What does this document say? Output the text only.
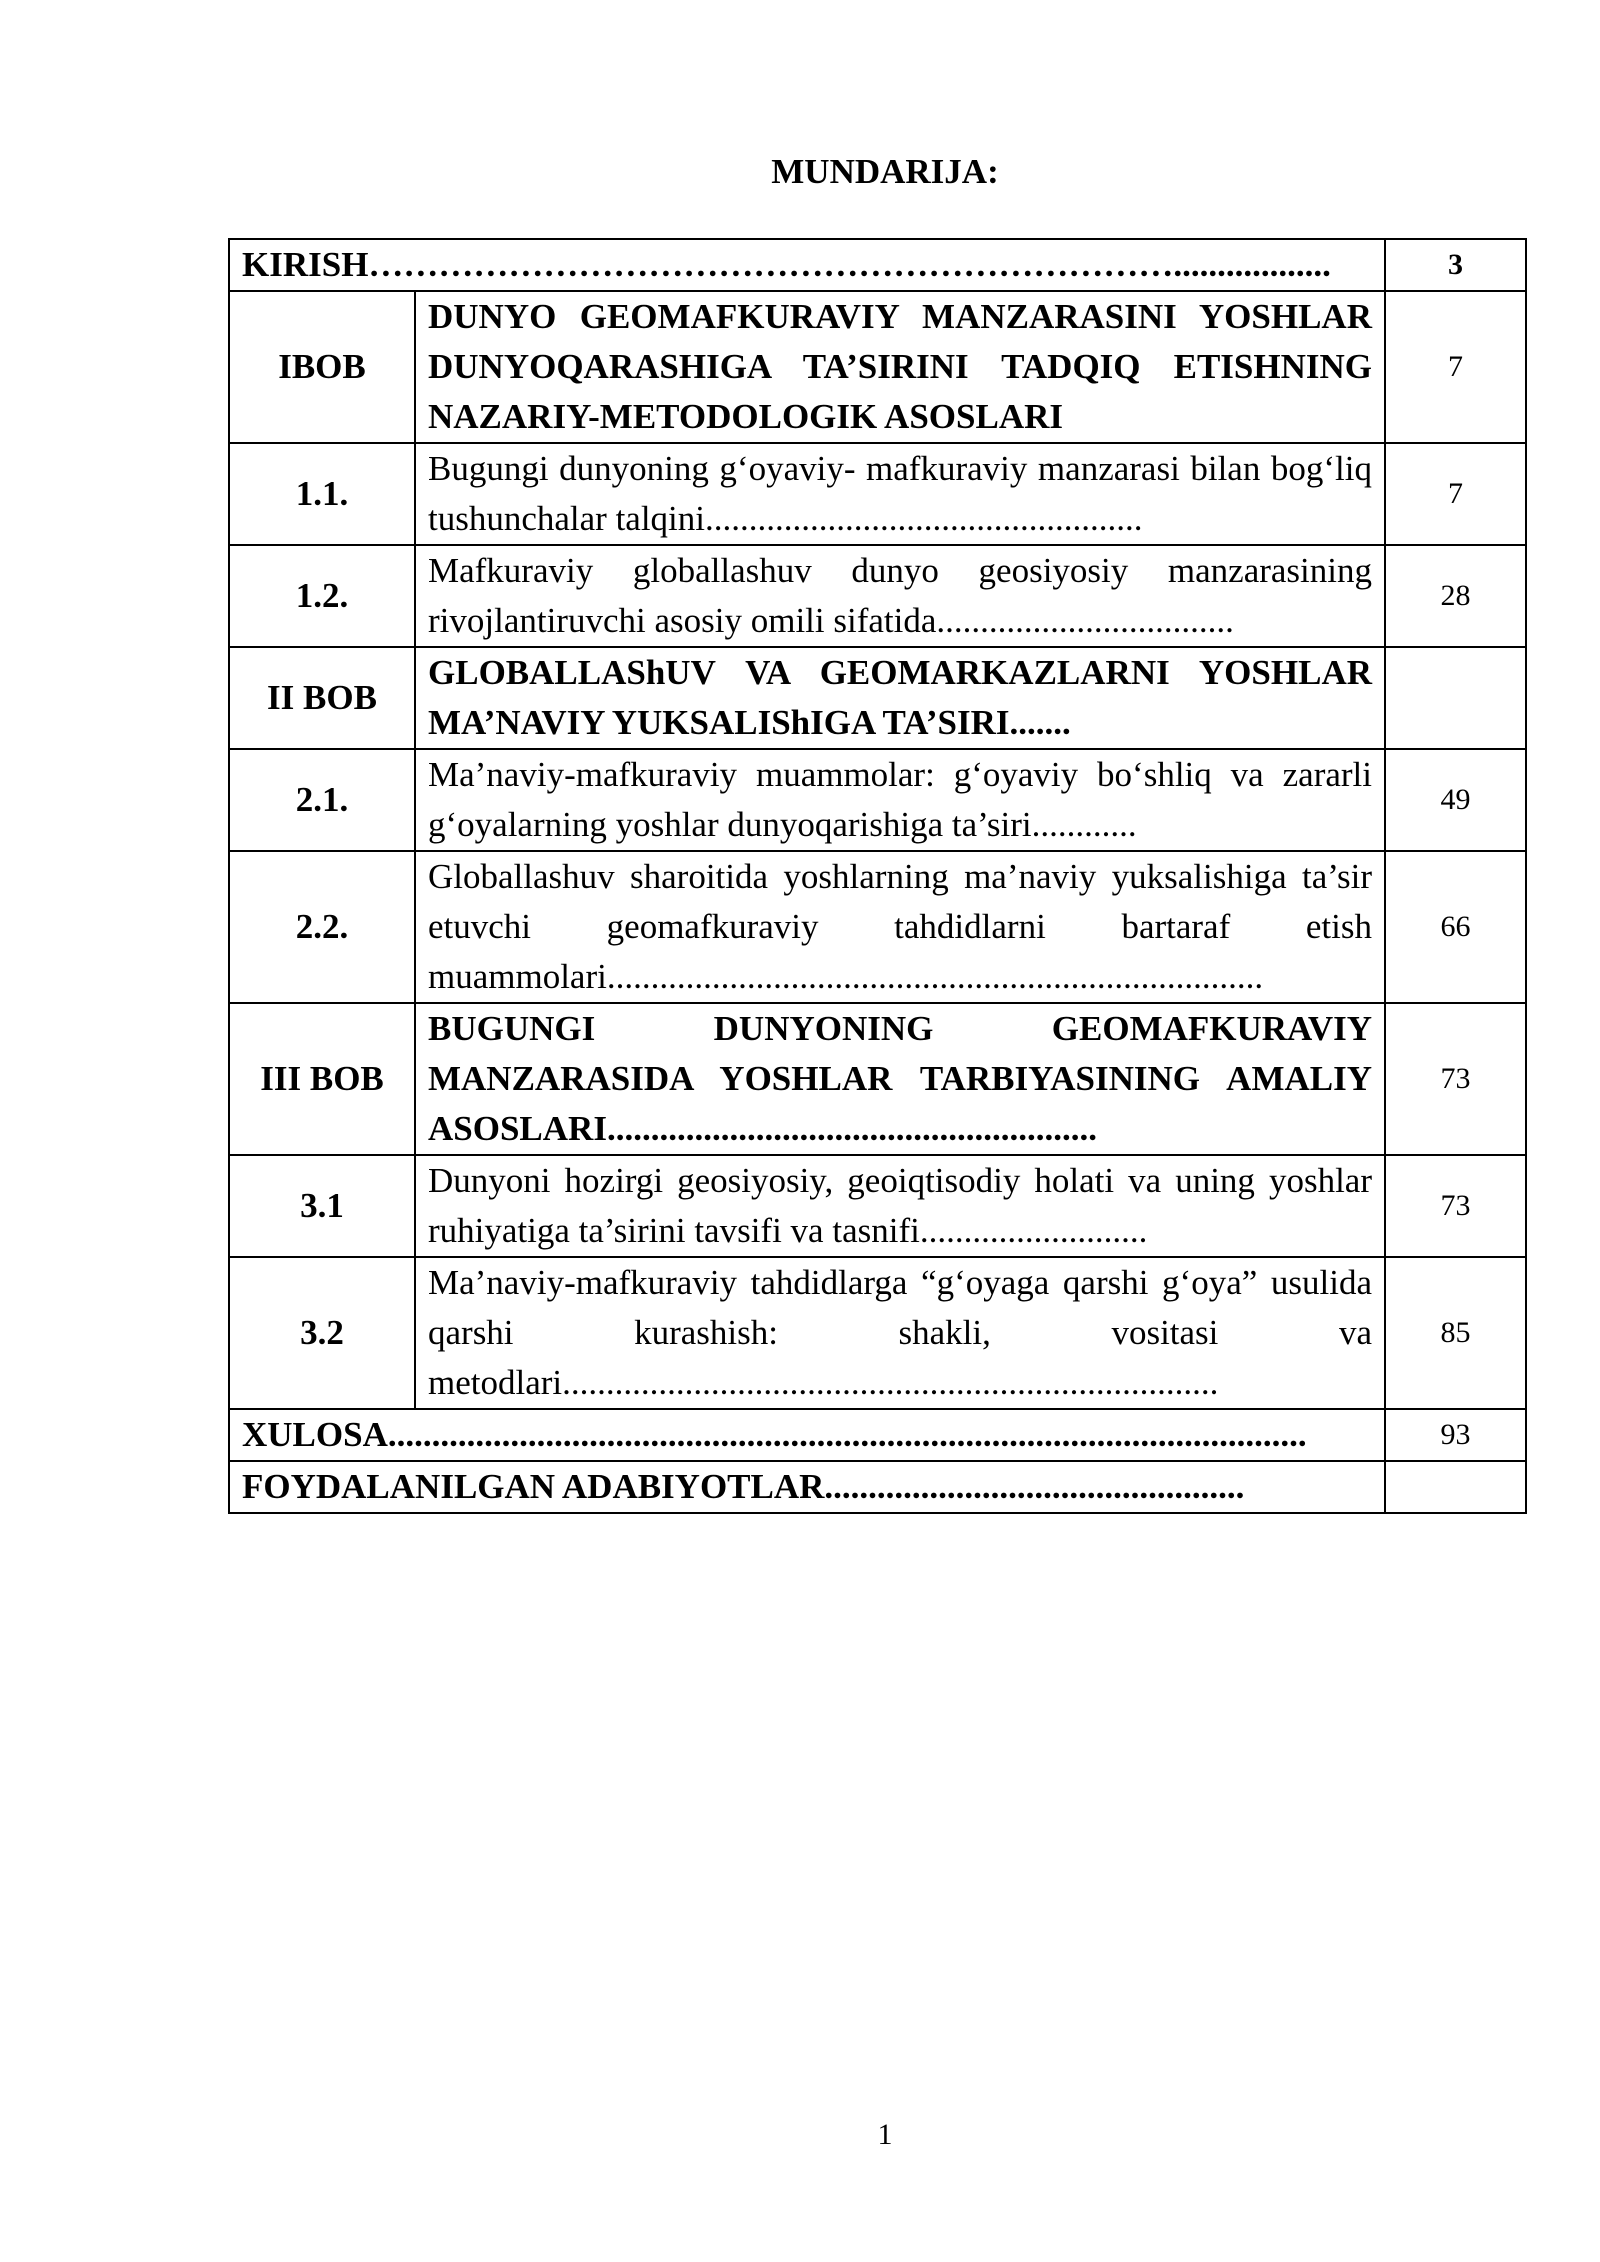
MUNDARIJA:
KIRISH……………………………………………………………..................		3
IBOB	DUNYO GEOMAFKURAVIY MANZARASINI YOSHLAR DUNYOQARASHIGA TA’SIRINI TADQIQ ETISHNING NAZARIY-METODOLOGIK ASOSLARI	7
1.1.	Bugungi dunyoning g‘oyaviy- mafkuraviy manzarasi bilan bog‘liq tushunchalar talqini..................................................	7
1.2.	Mafkuraviy globallashuv dunyo geosiyosiy manzarasining rivojlantiruvchi asosiy omili sifatida..................................	28
II BOB	GLOBALLAShUV VA GEOMARKAZLARNI YOSHLAR MA’NAVIY YUKSALIShIGA TA’SIRI.......	
2.1.	Ma’naviy-mafkuraviy muammolar: g‘oyaviy bo‘shliq va zararli g‘oyalarning yoshlar dunyoqarishiga ta’siri............	49
2.2.	Globallashuv sharoitida yoshlarning ma’naviy yuksalishiga ta’sir etuvchi geomafkuraviy tahdidlarni bartaraf etish muammolari...........................................................................	66
III BOB	BUGUNGI DUNYONING GEOMAFKURAVIY MANZARASIDA YOSHLAR TARBIYASINING AMALIY ASOSLARI........................................................	73
3.1	Dunyoni hozirgi geosiyosiy, geoiqtisodiy holati va uning yoshlar ruhiyatiga ta’sirini tavsifi va tasnifi..........................	73
3.2	Ma’naviy-mafkuraviy tahdidlarga “g‘oyaga qarshi g‘oya” usulida qarshi kurashish: shakli, vositasi va metodlari...........................................................................	85
XULOSA.........................................................................................................		93
FOYDALANILGAN ADABIYOTLAR................................................		
1
